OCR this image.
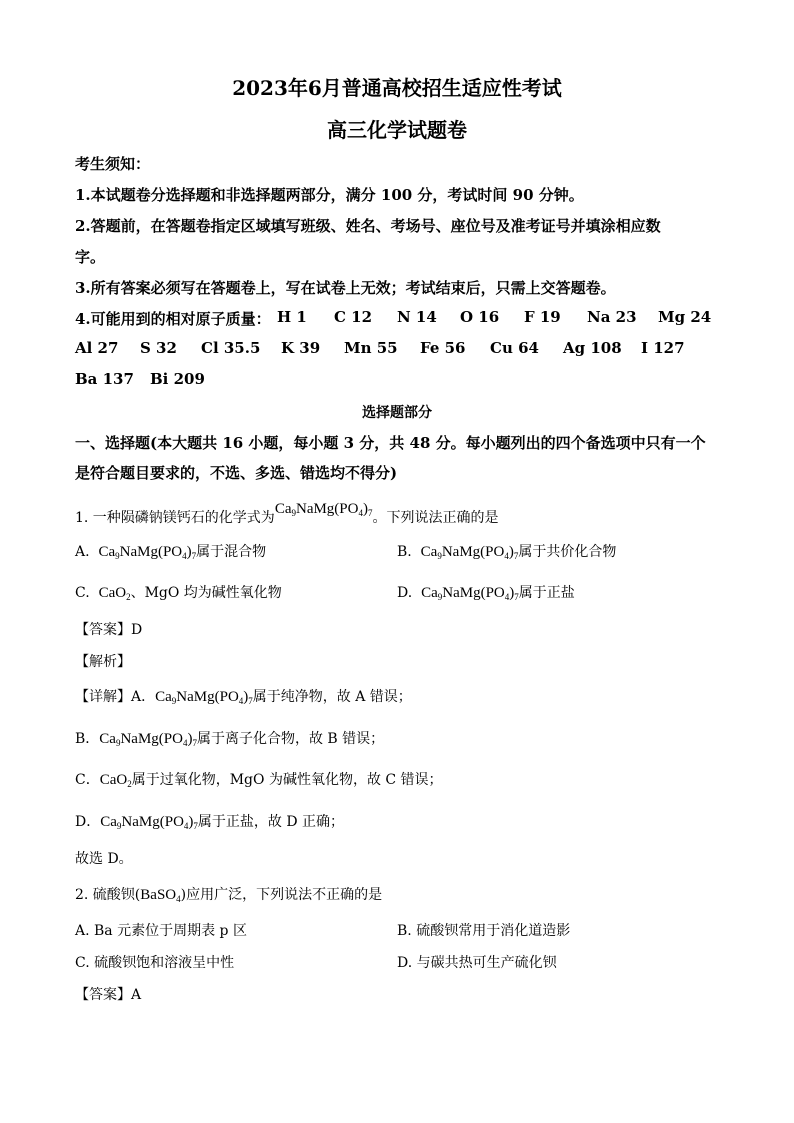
2023年6月普通高校招生适应性考试
高三化学试题卷
考生须知：
1.本试题卷分选择题和非选择题两部分，满分 100 分，考试时间 90 分钟。
2.答题前，在答题卷指定区域填写班级、姓名、考场号、座位号及准考证号并填涂相应数
字。
3.所有答案必须写在答题卷上，写在试卷上无效；考试结束后，只需上交答题卷。
4.可能用到的相对原子质量： H 1 C 12 N 14 O 16 F 19 Na 23 Mg 24
Al 27 S 32 Cl 35.5 K 39 Mn 55 Fe 56 Cu 64 Ag 108 I 127
Ba 137 Bi 209
选择题部分
一、选择题(本大题共 16 小题，每小题 3 分，共 48 分。每小题列出的四个备选项中只有一个
是符合题目要求的，不选、多选、错选均不得分)
1. 一种陨磷钠镁钙石的化学式为$Ca_9NaMg(PO_4)_7$。下列说法正确的是
A. $Ca_9NaMg(PO_4)_7$属于混合物	B. $Ca_9NaMg(PO_4)_7$属于共价化合物
C. CaO$_2$、MgO 均为碱性氧化物	D. $Ca_9NaMg(PO_4)_7$属于正盐
【答案】D
【解析】
【详解】A．$Ca_9NaMg(PO_4)_7$属于纯净物，故 A 错误；
B．$Ca_9NaMg(PO_4)_7$属于离子化合物，故 B 错误；
C．CaO$_2$属于过氧化物，MgO 为碱性氧化物，故 C 错误；
D．$Ca_9NaMg(PO_4)_7$属于正盐，故 D 正确；
故选 D。
2. 硫酸钡(BaSO$_4$)应用广泛，下列说法不正确的是
A. Ba 元素位于周期表 p 区	B. 硫酸钡常用于消化道造影
C. 硫酸钡饱和溶液呈中性	D. 与碳共热可生产硫化钡
【答案】A
